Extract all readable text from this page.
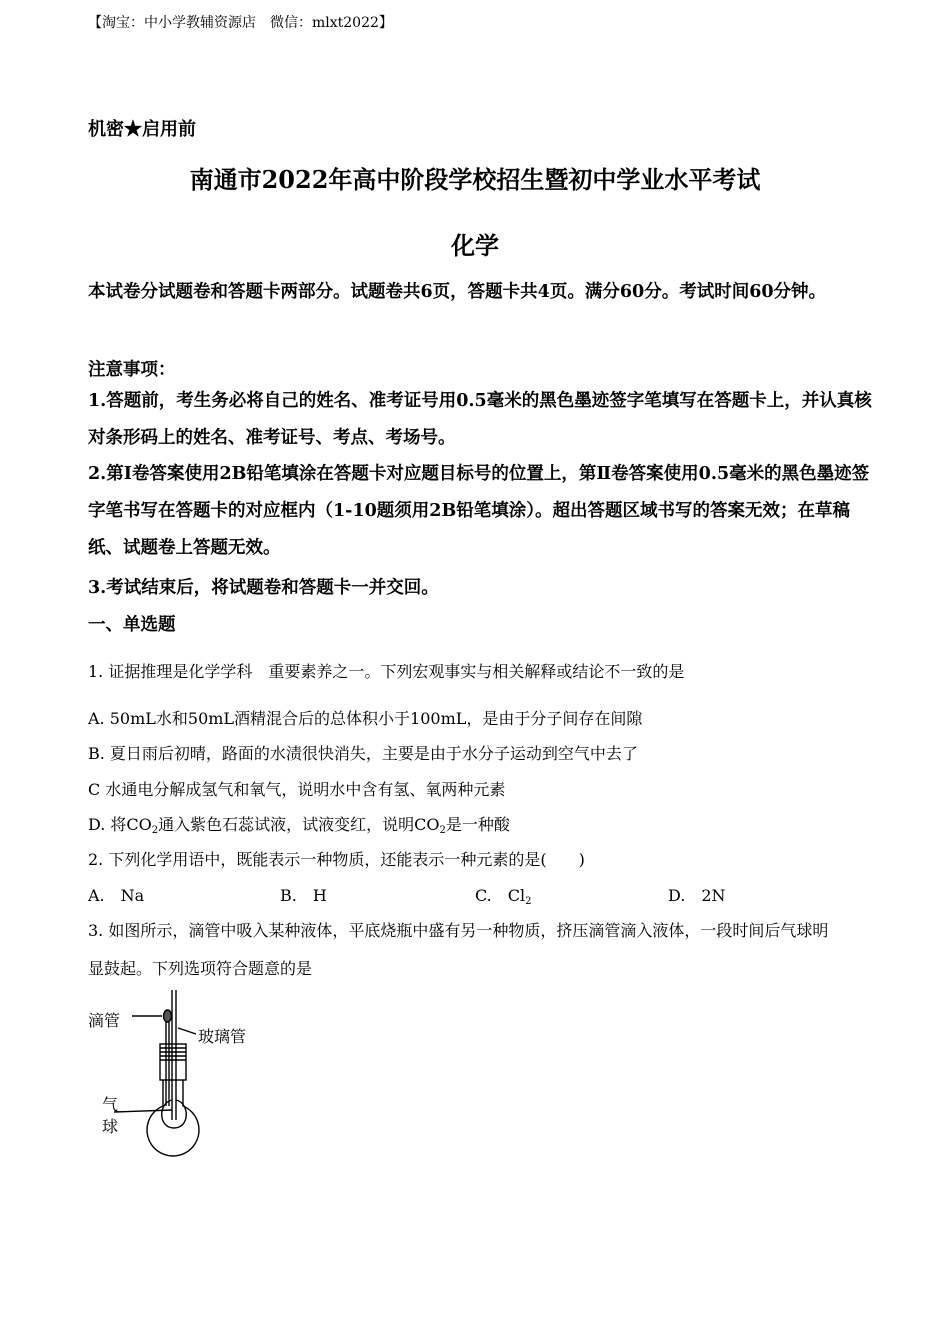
【淘宝：中小学教辅资源店　微信：mlxt2022】
机密★启用前
南通市2022年高中阶段学校招生暨初中学业水平考试
化学
本试卷分试题卷和答题卡两部分。试题卷共6页，答题卡共4页。满分60分。考试时间60分钟。
注意事项：
1.答题前，考生务必将自己的姓名、准考证号用0.5毫米的黑色墨迹签字笔填写在答题卡上，并认真核对条形码上的姓名、准考证号、考点、考场号。
2.第Ⅰ卷答案使用2B铅笔填涂在答题卡对应题目标号的位置上，第Ⅱ卷答案使用0.5毫米的黑色墨迹签字笔书写在答题卡的对应框内（1-10题须用2B铅笔填涂）。超出答题区域书写的答案无效；在草稿纸、试题卷上答题无效。
3.考试结束后，将试题卷和答题卡一并交回。
一、单选题
1. 证据推理是化学学科　重要素养之一。下列宏观事实与相关解释或结论不一致的是
A. 50mL水和50mL酒精混合后的总体积小于100mL，是由于分子间存在间隙
B. 夏日雨后初晴，路面的水渍很快消失，主要是由于水分子运动到空气中去了
C 水通电分解成氢气和氧气，说明水中含有氢、氧两种元素
D. 将$CO_2$通入紫色石蕊试液，试液变红，说明$CO_2$是一种酸
2. 下列化学用语中，既能表示一种物质，还能表示一种元素的是(　　)
A.　Na	B.　H	C.　$Cl_2$	D.　2N
3. 如图所示，滴管中吸入某种液体，平底烧瓶中盛有另一种物质，挤压滴管滴入液体，一段时间后气球明
显鼓起。下列选项符合题意的是
滴管
玻璃管
气
球
